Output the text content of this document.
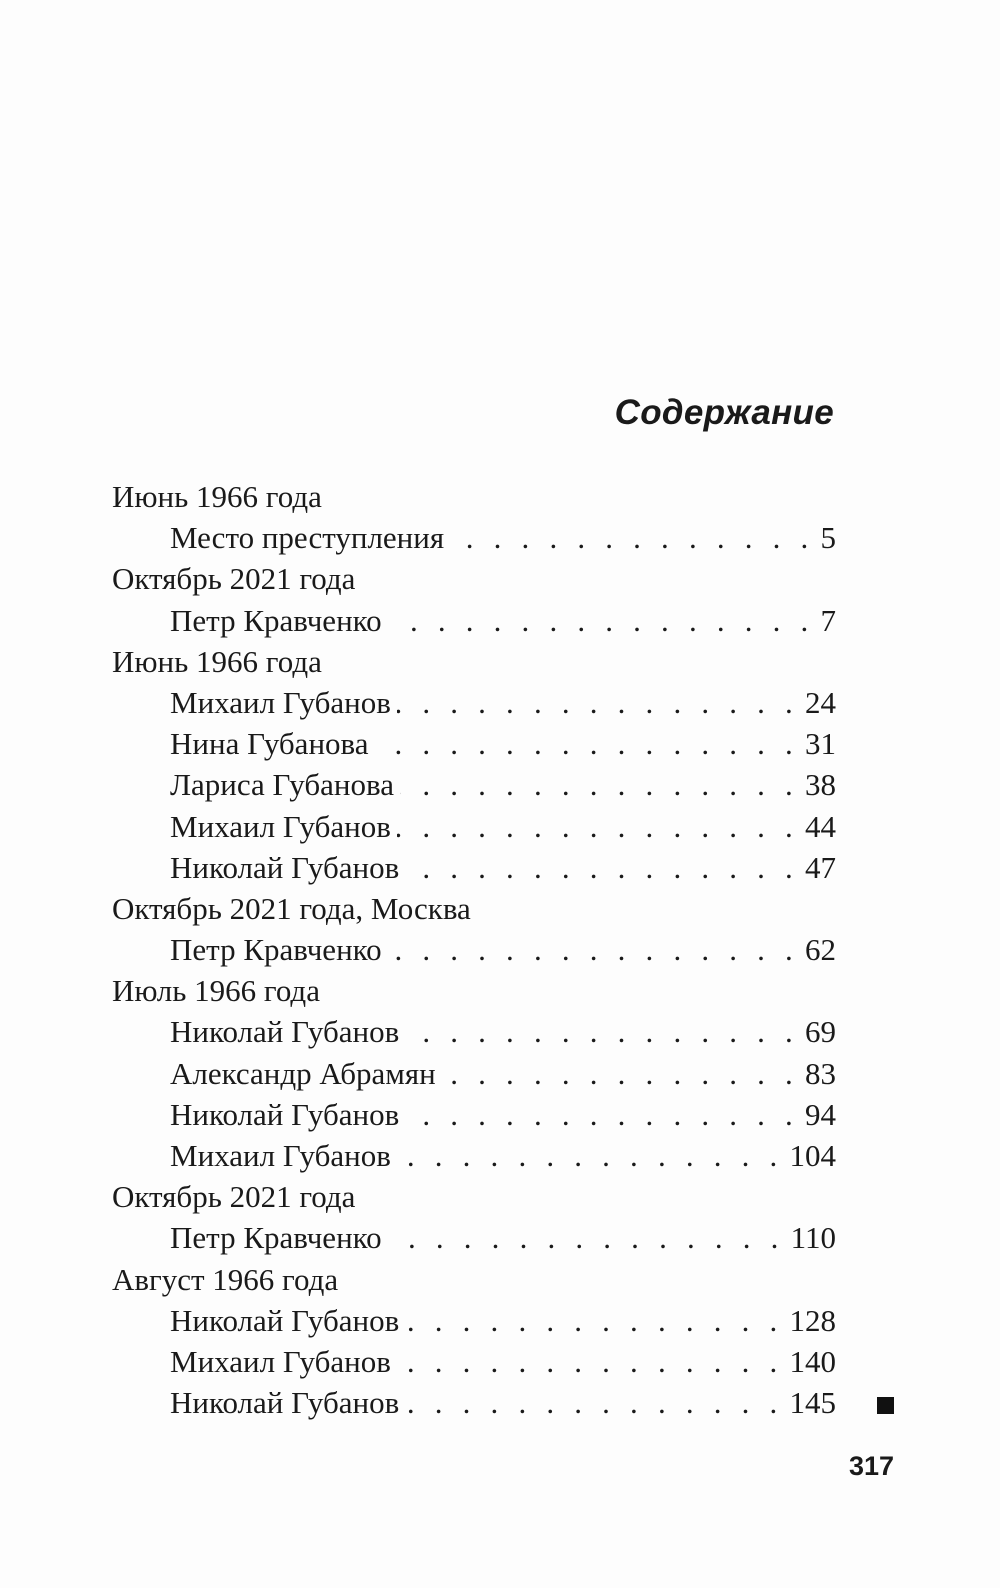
Содержание
Июнь 1966 года
Место преступления . . .	5
Октябрь 2021 года
Петр Кравченко . . .	7
Июнь 1966 года
Михаил Губанов . . .	24
Нина Губанова . . .	31
Лариса Губанова . . .	38
Михаил Губанов . . .	44
Николай Губанов . . .	47
Октябрь 2021 года, Москва
Петр Кравченко . . .	62
Июль 1966 года
Николай Губанов . . .	69
Александр Абрамян . . .	83
Николай Губанов . . .	94
Михаил Губанов . . .	104
Октябрь 2021 года
Петр Кравченко . . .	110
Август 1966 года
Николай Губанов . . .	128
Михаил Губанов . . .	140
Николай Губанов . . .	145
317
